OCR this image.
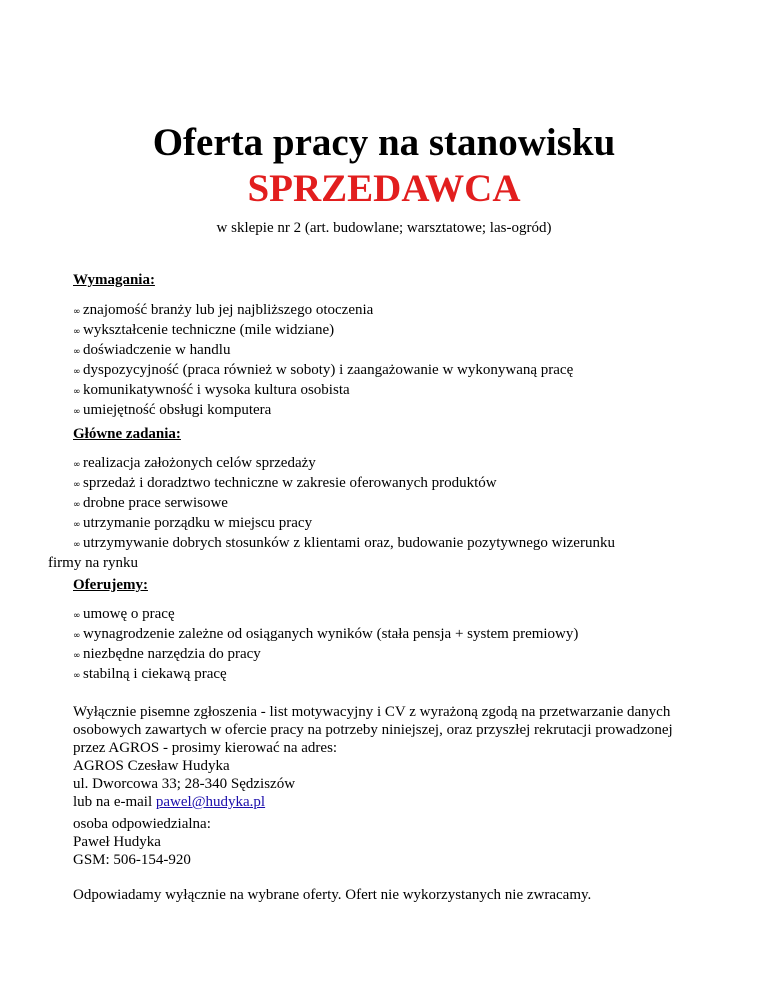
Oferta pracy na stanowisku
SPRZEDAWCA
w sklepie nr 2 (art. budowlane; warsztatowe; las-ogród)

Wymagania:

∞ znajomość branży lub jej najbliższego otoczenia
∞ wykształcenie techniczne (mile widziane)
∞ doświadczenie w handlu
∞ dyspozycyjność (praca również w soboty) i zaangażowanie w wykonywaną pracę
∞ komunikatywność i wysoka kultura osobista
∞ umiejętność obsługi komputera

Główne zadania:

∞ realizacja założonych celów sprzedaży
∞ sprzedaż i doradztwo techniczne w zakresie oferowanych produktów
∞ drobne prace serwisowe
∞ utrzymanie porządku w miejscu pracy
∞ utrzymywanie dobrych stosunków z klientami oraz, budowanie pozytywnego wizerunku
firmy na rynku

Oferujemy:

∞ umowę o pracę
∞ wynagrodzenie zależne od osiąganych wyników (stała pensja + system premiowy)
∞ niezbędne narzędzia do pracy
∞ stabilną i ciekawą pracę
Wyłącznie pisemne zgłoszenia - list motywacyjny i CV z wyrażoną zgodą na przetwarzanie danych
osobowych zawartych w ofercie pracy na potrzeby niniejszej, oraz przyszłej rekrutacji prowadzonej
przez AGROS - prosimy kierować na adres:
AGROS Czesław Hudyka
ul. Dworcowa 33; 28-340 Sędziszów
lub na e-mail pawel@hudyka.pl
osoba odpowiedzialna:
Paweł Hudyka
GSM: 506-154-920
Odpowiadamy wyłącznie na wybrane oferty. Ofert nie wykorzystanych nie zwracamy.
